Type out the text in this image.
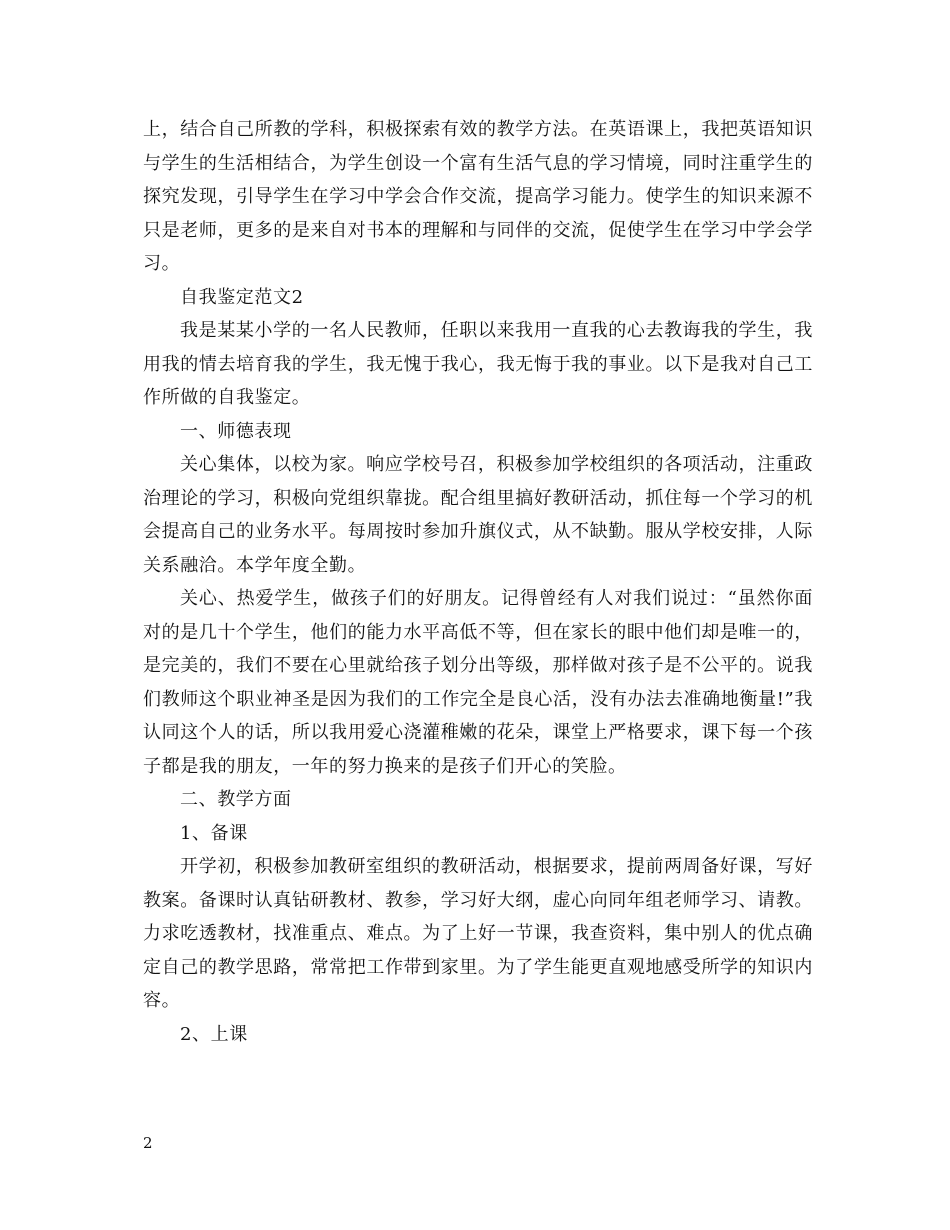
上，结合自己所教的学科，积极探索有效的教学方法。在英语课上，我把英语知识与学生的生活相结合，为学生创设一个富有生活气息的学习情境，同时注重学生的探究发现，引导学生在学习中学会合作交流，提高学习能力。使学生的知识来源不只是老师，更多的是来自对书本的理解和与同伴的交流，促使学生在学习中学会学习。

自我鉴定范文2

我是某某小学的一名人民教师，任职以来我用一直我的心去教诲我的学生，我用我的情去培育我的学生，我无愧于我心，我无悔于我的事业。以下是我对自己工作所做的自我鉴定。

一、师德表现

关心集体，以校为家。响应学校号召，积极参加学校组织的各项活动，注重政治理论的学习，积极向党组织靠拢。配合组里搞好教研活动，抓住每一个学习的机会提高自己的业务水平。每周按时参加升旗仪式，从不缺勤。服从学校安排，人际关系融洽。本学年度全勤。

关心、热爱学生，做孩子们的好朋友。记得曾经有人对我们说过：“虽然你面对的是几十个学生，他们的能力水平高低不等，但在家长的眼中他们却是唯一的，是完美的，我们不要在心里就给孩子划分出等级，那样做对孩子是不公平的。说我们教师这个职业神圣是因为我们的工作完全是良心活，没有办法去准确地衡量!”我认同这个人的话，所以我用爱心浇灌稚嫩的花朵，课堂上严格要求，课下每一个孩子都是我的朋友，一年的努力换来的是孩子们开心的笑脸。

二、教学方面

1、备课

开学初，积极参加教研室组织的教研活动，根据要求，提前两周备好课，写好教案。备课时认真钻研教材、教参，学习好大纲，虚心向同年组老师学习、请教。力求吃透教材，找准重点、难点。为了上好一节课，我查资料，集中别人的优点确定自己的教学思路，常常把工作带到家里。为了学生能更直观地感受所学的知识内容。

2、上课

2
